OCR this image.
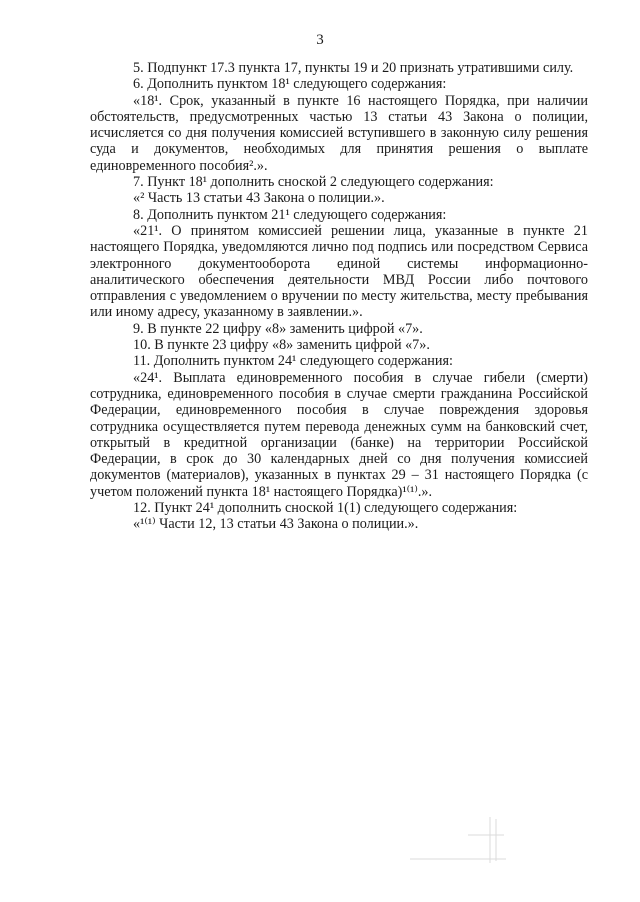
3

5. Подпункт 17.3 пункта 17, пункты 19 и 20 признать утратившими силу.

6. Дополнить пунктом 18¹ следующего содержания:

«18¹. Срок, указанный в пункте 16 настоящего Порядка, при наличии обстоятельств, предусмотренных частью 13 статьи 43 Закона о полиции, исчисляется со дня получения комиссией вступившего в законную силу решения суда и документов, необходимых для принятия решения о выплате единовременного пособия².».

7. Пункт 18¹ дополнить сноской 2 следующего содержания:

«² Часть 13 статьи 43 Закона о полиции.».

8. Дополнить пунктом 21¹ следующего содержания:

«21¹. О принятом комиссией решении лица, указанные в пункте 21 настоящего Порядка, уведомляются лично под подпись или посредством Сервиса электронного документооборота единой системы информационно-аналитического обеспечения деятельности МВД России либо почтового отправления с уведомлением о вручении по месту жительства, месту пребывания или иному адресу, указанному в заявлении.».

9. В пункте 22 цифру «8» заменить цифрой «7».

10. В пункте 23 цифру «8» заменить цифрой «7».

11. Дополнить пунктом 24¹ следующего содержания:

«24¹. Выплата единовременного пособия в случае гибели (смерти) сотрудника, единовременного пособия в случае смерти гражданина Российской Федерации, единовременного пособия в случае повреждения здоровья сотрудника осуществляется путем перевода денежных сумм на банковский счет, открытый в кредитной организации (банке) на территории Российской Федерации, в срок до 30 календарных дней со дня получения комиссией документов (материалов), указанных в пунктах 29 – 31 настоящего Порядка (с учетом положений пункта 18¹ настоящего Порядка)¹⁽¹⁾.».

12. Пункт 24¹ дополнить сноской 1(1) следующего содержания:

«¹⁽¹⁾ Части 12, 13 статьи 43 Закона о полиции.».
